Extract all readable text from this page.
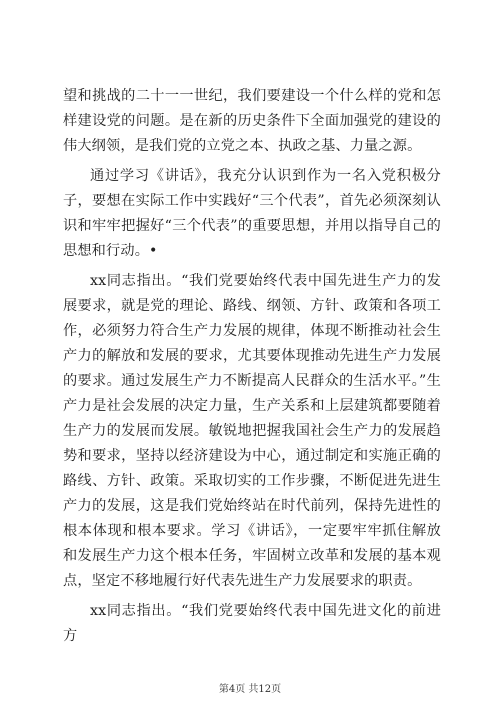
望和挑战的二十一一世纪，我们要建设一个什么样的党和怎样建设党的问题。是在新的历史条件下全面加强党的建设的伟大纲领，是我们党的立党之本、执政之基、力量之源。

通过学习《讲话》，我充分认识到作为一名入党积极分子，要想在实际工作中实践好“三个代表”，首先必须深刻认识和牢牢把握好“三个代表”的重要思想，并用以指导自己的思想和行动。•

xx同志指出。“我们党要始终代表中国先进生产力的发展要求，就是党的理论、路线、纲领、方针、政策和各项工作，必须努力符合生产力发展的规律，体现不断推动社会生产力的解放和发展的要求，尤其要体现推动先进生产力发展的要求。通过发展生产力不断提高人民群众的生活水平。”生产力是社会发展的决定力量，生产关系和上层建筑都要随着生产力的发展而发展。敏锐地把握我国社会生产力的发展趋势和要求，坚持以经济建设为中心，通过制定和实施正确的路线、方针、政策。采取切实的工作步骤，不断促进先进生产力的发展，这是我们党始终站在时代前列，保持先进性的根本体现和根本要求。学习《讲话》，一定要牢牢抓住解放和发展生产力这个根本任务，牢固树立改革和发展的基本观点，坚定不移地履行好代表先进生产力发展要求的职责。

xx同志指出。“我们党要始终代表中国先进文化的前进方

第4页 共12页
